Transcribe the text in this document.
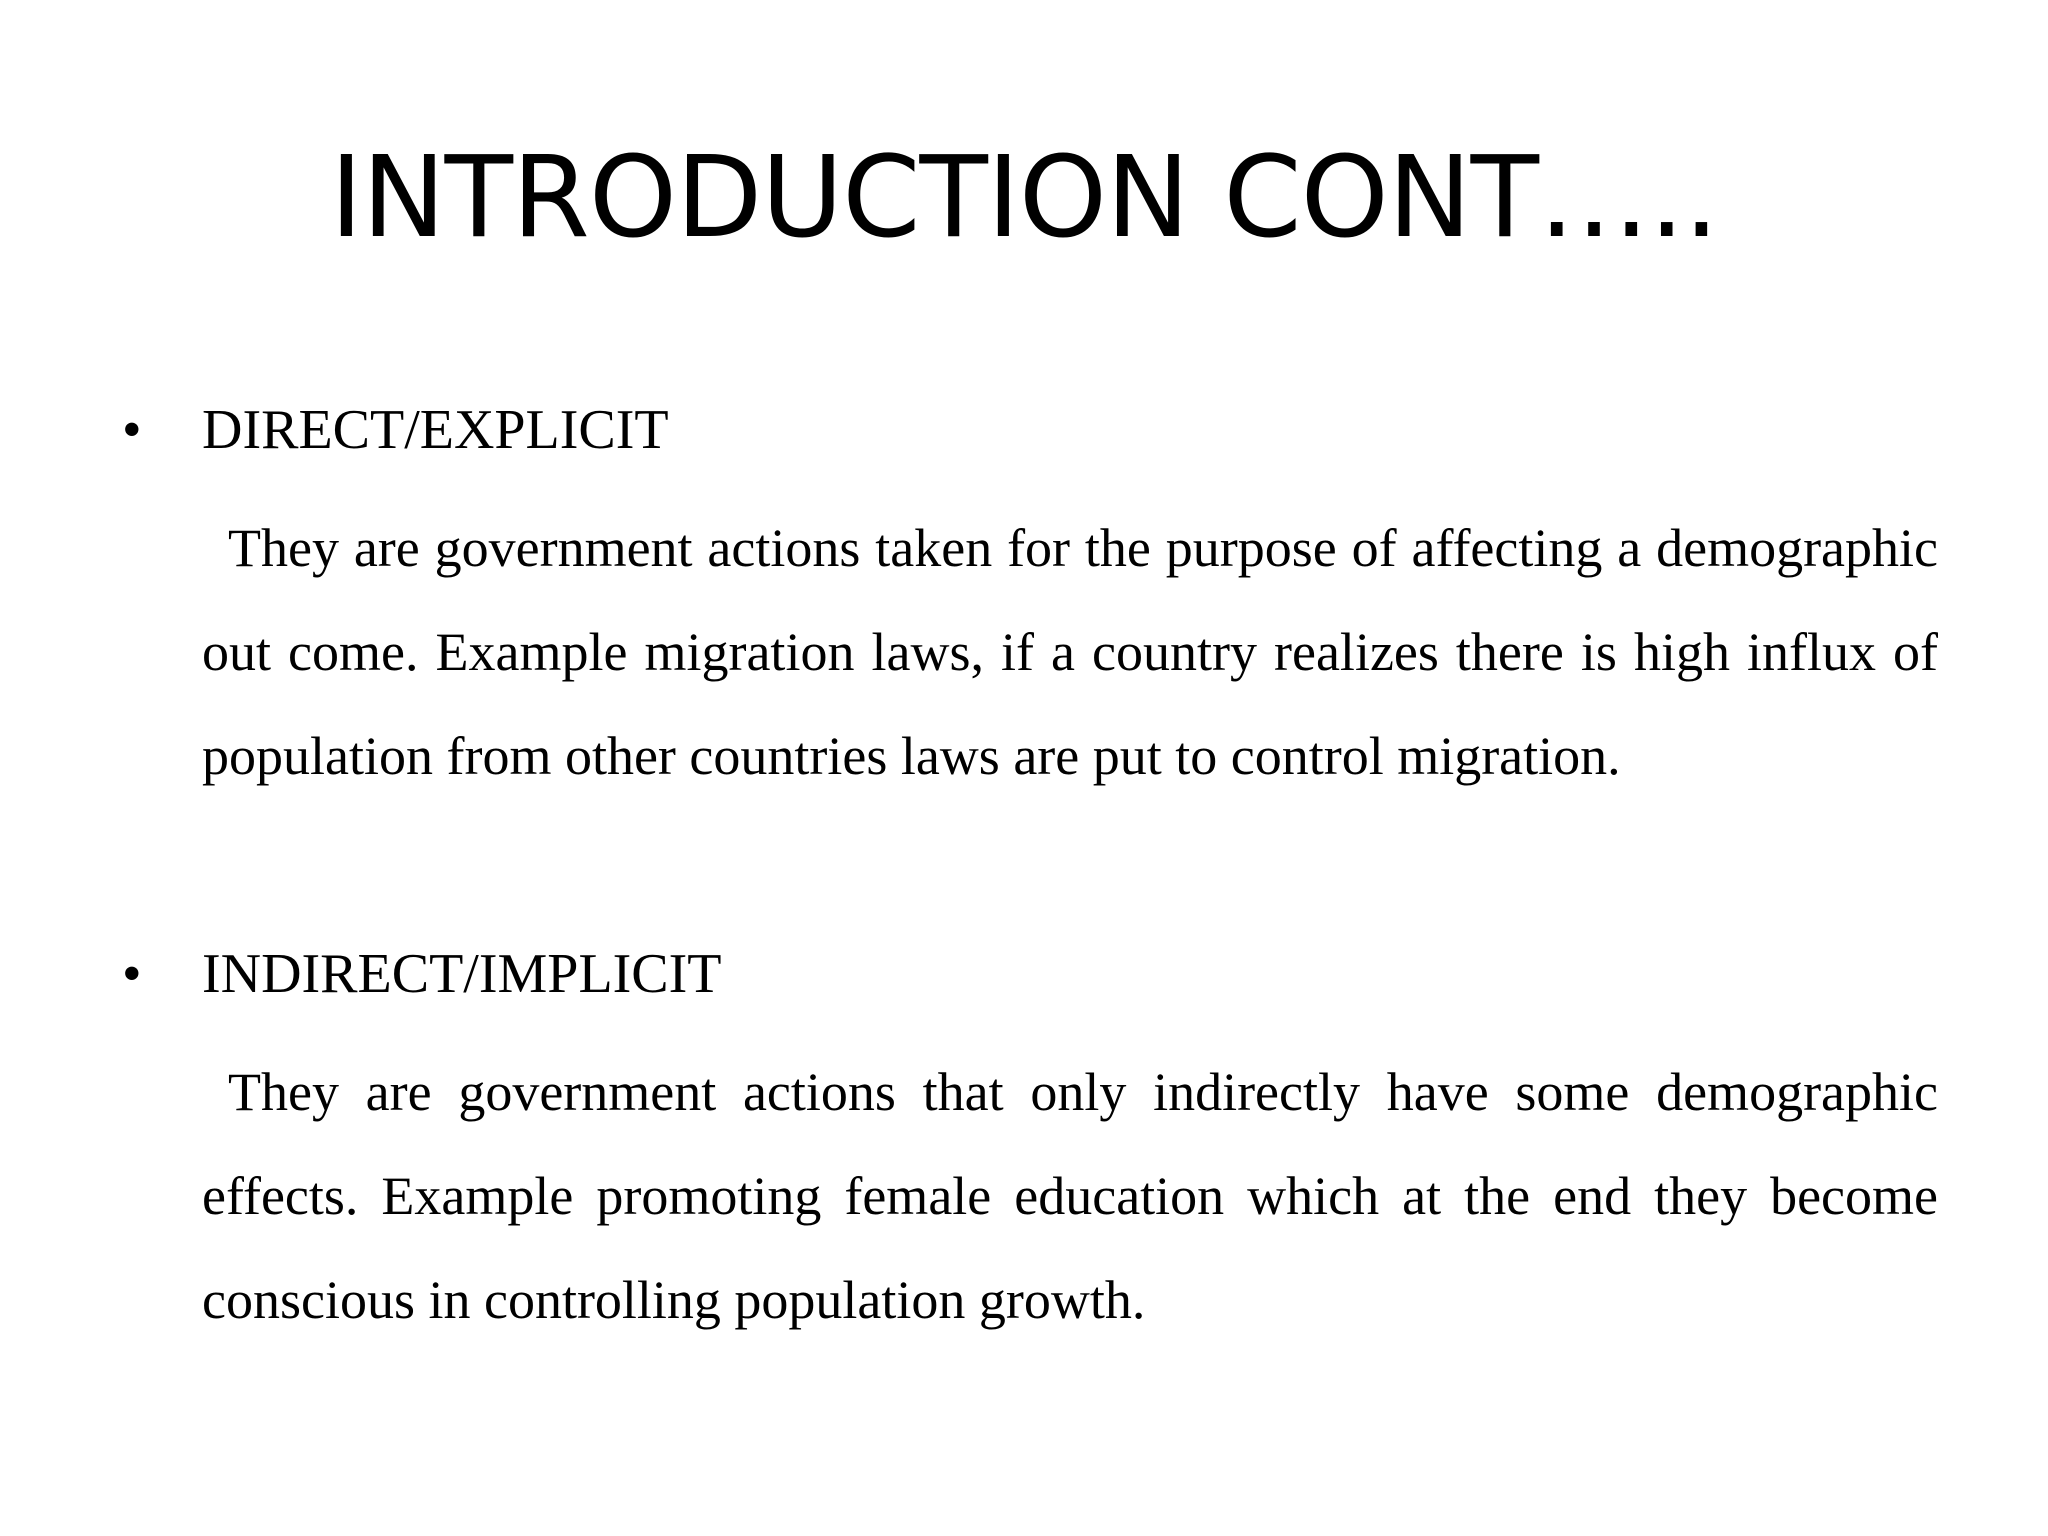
INTRODUCTION CONT…..
•	DIRECT/EXPLICIT

They are government actions taken for the purpose of affecting a demographic out come. Example migration laws, if a country realizes there is high influx of population from other countries laws are put to control migration.

•	INDIRECT/IMPLICIT

They are government actions that only indirectly have some demographic effects. Example promoting female education which at the end they become conscious in controlling population growth.
